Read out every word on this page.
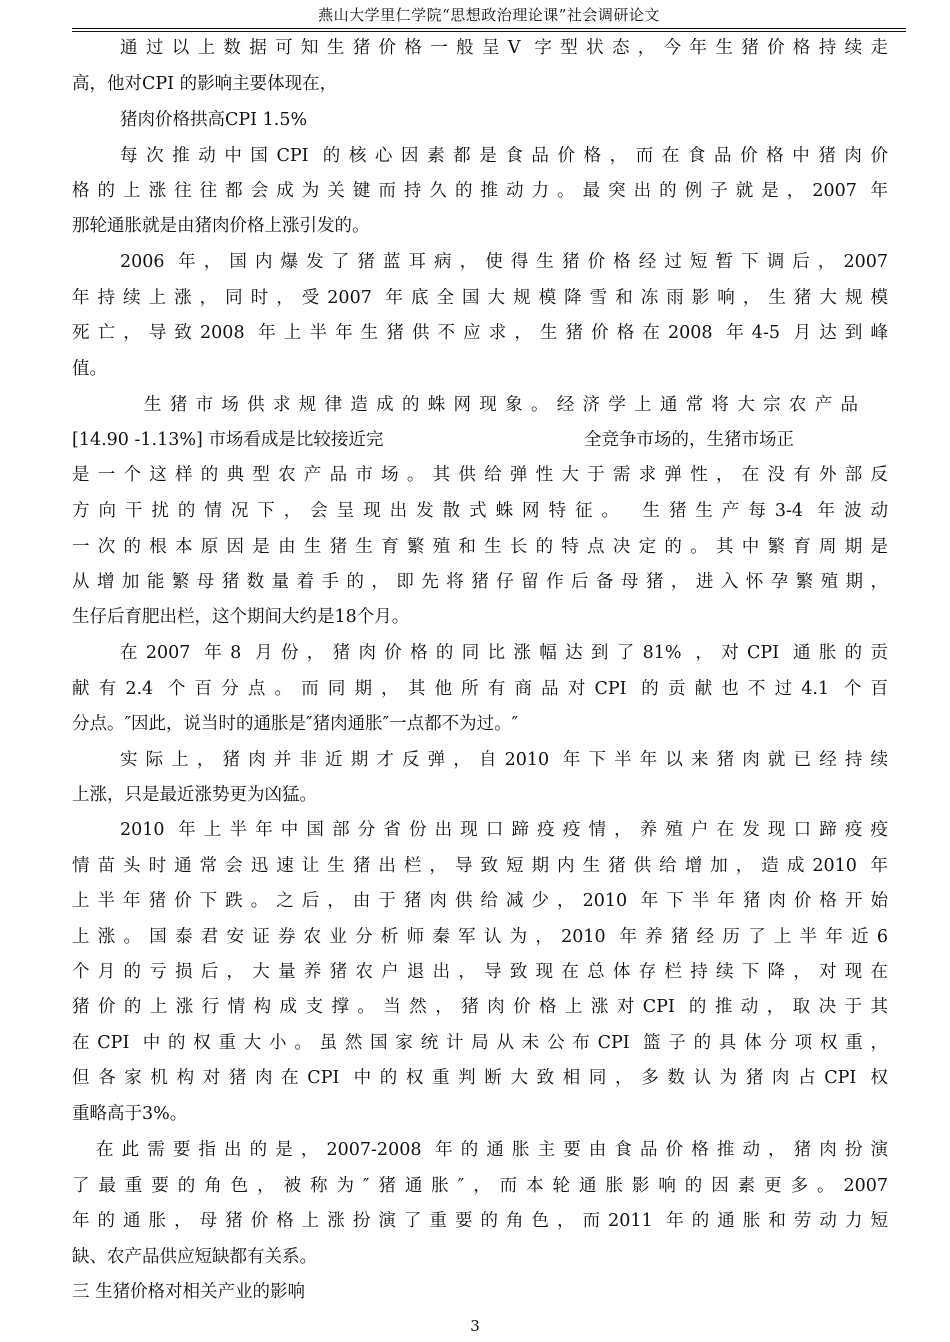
燕山大学里仁学院“思想政治理论课”社会调研论文
通过以上数据可知生猪价格一般呈V 字型状态，今年生猪价格持续走
高，他对CPI 的影响主要体现在，
猪肉价格拱高CPI 1.5%
每次推动中国CPI 的核心因素都是食品价格，而在食品价格中猪肉价
格的上涨往往都会成为关键而持久的推动力。最突出的例子就是，2007 年
那轮通胀就是由猪肉价格上涨引发的。
2006 年，国内爆发了猪蓝耳病，使得生猪价格经过短暂下调后，2007
年持续上涨，同时，受2007 年底全国大规模降雪和冻雨影响，生猪大规模
死亡，导致2008 年上半年生猪供不应求，生猪价格在2008 年4-5 月达到峰
值。
生猪市场供求规律造成的蛛网现象。经济学上通常将大宗农产品
[14.90 -1.13%] 市场看成是比较接近完	全竞争市场的，生猪市场正
是一个这样的典型农产品市场。其供给弹性大于需求弹性，在没有外部反
方向干扰的情况下，会呈现出发散式蛛网特征。 生猪生产每3-4 年波动
一次的根本原因是由生猪生育繁殖和生长的特点决定的。其中繁育周期是
从增加能繁母猪数量着手的，即先将猪仔留作后备母猪，进入怀孕繁殖期，
生仔后育肥出栏，这个期间大约是18个月。
在2007 年8 月份，猪肉价格的同比涨幅达到了81% ，对CPI 通胀的贡
献有2.4 个百分点。而同期，其他所有商品对CPI 的贡献也不过4.1 个百
分点。″因此，说当时的通胀是″猪肉通胀″一点都不为过。″
实际上，猪肉并非近期才反弹，自2010 年下半年以来猪肉就已经持续
上涨，只是最近涨势更为凶猛。
2010 年上半年中国部分省份出现口蹄疫疫情，养殖户在发现口蹄疫疫
情苗头时通常会迅速让生猪出栏，导致短期内生猪供给增加，造成2010 年
上半年猪价下跌。之后，由于猪肉供给减少，2010 年下半年猪肉价格开始
上涨。国泰君安证券农业分析师秦军认为，2010 年养猪经历了上半年近6
个月的亏损后，大量养猪农户退出，导致现在总体存栏持续下降，对现在
猪价的上涨行情构成支撑。当然，猪肉价格上涨对CPI 的推动，取决于其
在CPI 中的权重大小。虽然国家统计局从未公布CPI 篮子的具体分项权重，
但各家机构对猪肉在CPI 中的权重判断大致相同，多数认为猪肉占CPI 权
重略高于3%。
在此需要指出的是，2007-2008 年的通胀主要由食品价格推动，猪肉扮演
了最重要的角色，被称为″猪通胀″，而本轮通胀影响的因素更多。2007
年的通胀，母猪价格上涨扮演了重要的角色，而2011 年的通胀和劳动力短
缺、农产品供应短缺都有关系。
三 生猪价格对相关产业的影响
3
